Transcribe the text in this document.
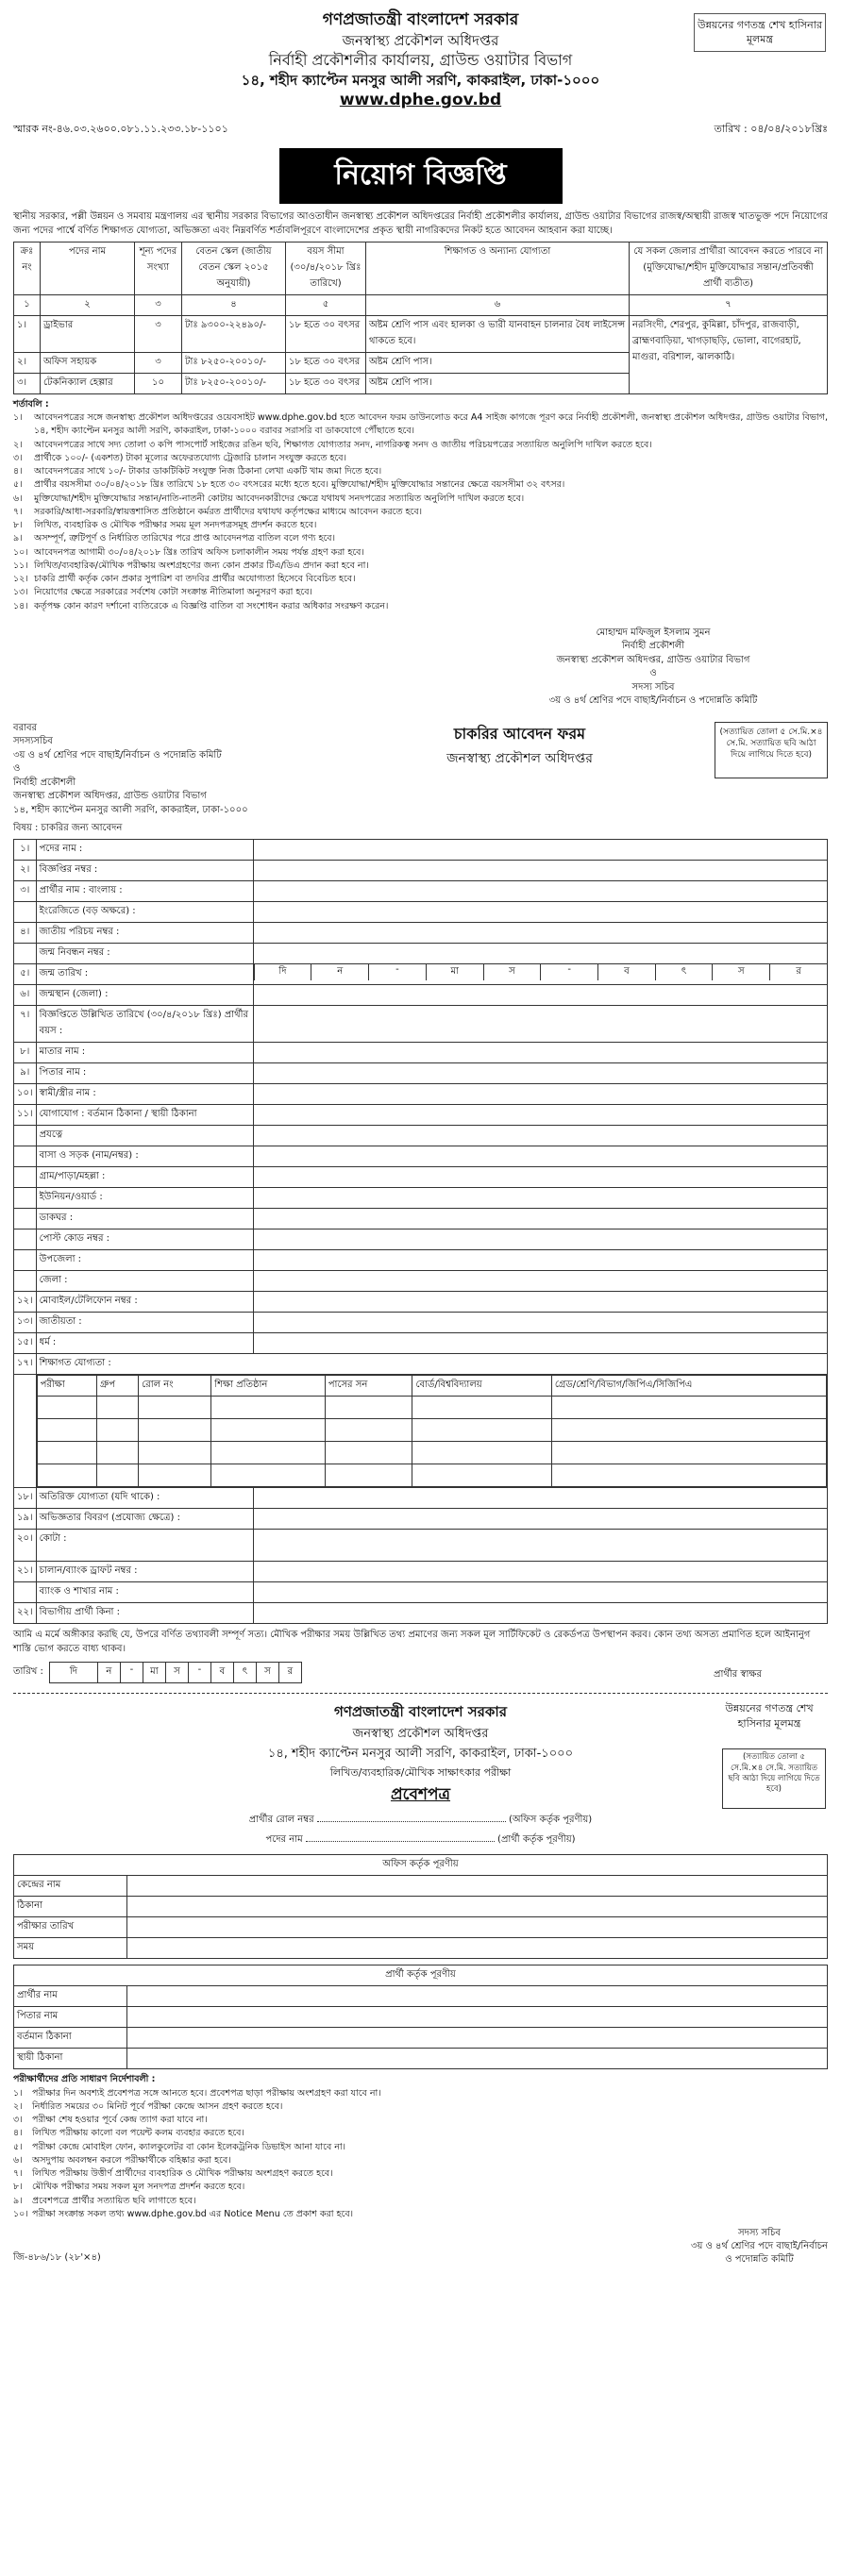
উন্নয়নের গণতন্ত্র শেখ হাসিনার মূলমন্ত্র
গণপ্রজাতন্ত্রী বাংলাদেশ সরকার
জনস্বাস্থ্য প্রকৌশল অধিদপ্তর
নির্বাহী প্রকৌশলীর কার্যালয়, গ্রাউন্ড ওয়াটার বিভাগ
১৪, শহীদ ক্যাপ্টেন মনসুর আলী সরণি, কাকরাইল, ঢাকা-১০০০
www.dphe.gov.bd
স্মারক নং-৪৬.০৩.২৬০০.০৮১.১১.২৩৩.১৮-১১০১	তারিখ : ০৪/০৪/২০১৮খ্রিঃ
নিয়োগ বিজ্ঞপ্তি
স্থানীয় সরকার, পল্লী উন্নয়ন ও সমবায় মন্ত্রণালয় এর স্থানীয় সরকার বিভাগের আওতাধীন জনস্বাস্থ্য প্রকৌশল অধিদপ্তরের নির্বাহী প্রকৌশলীর কার্যালয়, গ্রাউন্ড ওয়াটার বিভাগের রাজস্ব/অস্থায়ী রাজস্ব খাতভুক্ত পদে নিয়োগের জন্য পদের পার্শ্বে বর্ণিত শিক্ষাগত যোগ্যতা, অভিজ্ঞতা এবং নিম্নবর্ণিত শর্তাবলিপূরণে বাংলাদেশের প্রকৃত স্থায়ী নাগরিকদের নিকট হতে আবেদন আহবান করা যাচ্ছে।
ক্রঃ নং	পদের নাম	শূন্য পদের সংখ্যা	বেতন স্কেল (জাতীয় বেতন স্কেল ২০১৫ অনুযায়ী)	বয়স সীমা (৩০/৪/২০১৮ খ্রিঃ তারিখে)	শিক্ষাগত ও অন্যান্য যোগ্যতা	যে সকল জেলার প্রার্থীরা আবেদন করতে পারবে না (মুক্তিযোদ্ধা/শহীদ মুক্তিযোদ্ধার সন্তান/প্রতিবন্ধী প্রার্থী ব্যতীত)
১	২	৩	৪	৫	৬	৭
১।	ড্রাইভার	৩	টাঃ ৯৩০০-২২৪৯০/-	১৮ হতে ৩০ বৎসর	অষ্টম শ্রেণি পাস এবং হালকা ও ভারী যানবাহন চালনার বৈধ লাইসেন্স থাকতে হবে।	নরসিংদী, শেরপুর, কুমিল্লা, চাঁদপুর, রাজবাড়ী, ব্রাহ্মণবাড়িয়া, খাগড়াছড়ি, ভোলা, বাগেরহাট, মাগুরা, বরিশাল, ঝালকাঠি।
২।	অফিস সহায়ক	৩	টাঃ ৮২৫০-২০০১০/-	১৮ হতে ৩০ বৎসর	অষ্টম শ্রেণি পাস।	
৩।	টেকনিক্যাল হেল্পার	১০	টাঃ ৮২৫০-২০০১০/-	১৮ হতে ৩০ বৎসর	অষ্টম শ্রেণি পাস।	
শর্তাবলি :
১।	আবেদনপত্রের সঙ্গে জনস্বাস্থ্য প্রকৌশল অধিদপ্তরের ওয়েবসাইট www.dphe.gov.bd হতে আবেদন ফরম ডাউনলোড করে A4 সাইজ কাগজে পূরণ করে নির্বাহী প্রকৌশলী, জনস্বাস্থ্য প্রকৌশল অধিদপ্তর, গ্রাউন্ড ওয়াটার বিভাগ, ১৪, শহীদ ক্যাপ্টেন মনসুর আলী সরণি, কাকরাইল, ঢাকা-১০০০ বরাবর সরাসরি বা ডাকযোগে পৌঁছাতে হবে।
২।	আবেদনপত্রের সাথে সদ্য তোলা ৩ কপি পাসপোর্ট সাইজের রঙিন ছবি, শিক্ষাগত যোগ্যতার সনদ, নাগরিকত্ব সনদ ও জাতীয় পরিচয়পত্রের সত্যায়িত অনুলিপি দাখিল করতে হবে।
৩।	প্রার্থীকে ১০০/- (একশত) টাকা মূল্যের অফেরতযোগ্য ট্রেজারি চালান সংযুক্ত করতে হবে।
৪।	আবেদনপত্রের সাথে ১০/- টাকার ডাকটিকিট সংযুক্ত নিজ ঠিকানা লেখা একটি খাম জমা দিতে হবে।
৫।	প্রার্থীর বয়সসীমা ৩০/০৪/২০১৮ খ্রিঃ তারিখে ১৮ হতে ৩০ বৎসরের মধ্যে হতে হবে। মুক্তিযোদ্ধা/শহীদ মুক্তিযোদ্ধার সন্তানের ক্ষেত্রে বয়সসীমা ৩২ বৎসর।
৬।	মুক্তিযোদ্ধা/শহীদ মুক্তিযোদ্ধার সন্তান/নাতি-নাতনী কোটায় আবেদনকারীদের ক্ষেত্রে যথাযথ সনদপত্রের সত্যায়িত অনুলিপি দাখিল করতে হবে।
৭।	সরকারি/আধা-সরকারি/স্বায়ত্তশাসিত প্রতিষ্ঠানে কর্মরত প্রার্থীদের যথাযথ কর্তৃপক্ষের মাধ্যমে আবেদন করতে হবে।
৮।	লিখিত, ব্যবহারিক ও মৌখিক পরীক্ষার সময় মূল সনদপত্রসমূহ প্রদর্শন করতে হবে।
৯।	অসম্পূর্ণ, ত্রুটিপূর্ণ ও নির্ধারিত তারিখের পরে প্রাপ্ত আবেদনপত্র বাতিল বলে গণ্য হবে।
১০। আবেদনপত্র আগামী ৩০/০৪/২০১৮ খ্রিঃ তারিখ অফিস চলাকালীন সময় পর্যন্ত গ্রহণ করা হবে।
১১। লিখিত/ব্যবহারিক/মৌখিক পরীক্ষায় অংশগ্রহণের জন্য কোন প্রকার টিএ/ডিএ প্রদান করা হবে না।
১২। চাকরি প্রার্থী কর্তৃক কোন প্রকার সুপারিশ বা তদবির প্রার্থীর অযোগ্যতা হিসেবে বিবেচিত হবে।
১৩। নিয়োগের ক্ষেত্রে সরকারের সর্বশেষ কোটা সংক্রান্ত নীতিমালা অনুসরণ করা হবে।
১৪। কর্তৃপক্ষ কোন কারণ দর্শানো ব্যতিরেকে এ বিজ্ঞপ্তি বাতিল বা সংশোধন করার অধিকার সংরক্ষণ করেন।
মোহাম্মদ মফিজুল ইসলাম সুমন
নির্বাহী প্রকৌশলী
জনস্বাস্থ্য প্রকৌশল অধিদপ্তর, গ্রাউন্ড ওয়াটার বিভাগ
ও
সদস্য সচিব
৩য় ও ৪র্থ শ্রেণির পদে বাছাই/নির্বাচন ও পদোন্নতি কমিটি
বরাবর
সদস্যসচিব
৩য় ও ৪র্থ শ্রেণির পদে বাছাই/নির্বাচন ও পদোন্নতি কমিটি
ও
নির্বাহী প্রকৌশলী
জনস্বাস্থ্য প্রকৌশল অধিদপ্তর, গ্রাউন্ড ওয়াটার বিভাগ
১৪, শহীদ ক্যাপ্টেন মনসুর আলী সরণি, কাকরাইল, ঢাকা-১০০০
চাকরির আবেদন ফরম
জনস্বাস্থ্য প্রকৌশল অধিদপ্তর
(সত্যায়িত তোলা ৫ সে.মি.×৪ সে.মি. সত্যায়িত ছবি আঠা দিয়ে লাগিয়ে দিতে হবে)
বিষয় : চাকরির জন্য আবেদন
১।	পদের নাম :	
২।	বিজ্ঞপ্তির নম্বর :	
৩।	প্রার্থীর নাম : বাংলায় :	
	ইংরেজিতে (বড় অক্ষরে) :	
৪।	জাতীয় পরিচয় নম্বর :	
	জন্ম নিবন্ধন নম্বর :	
৫।	জন্ম তারিখ :	দি	ন	-	মা	স	-	ব	ৎ	স	র

৬।	জন্মস্থান (জেলা) :	
৭।	বিজ্ঞপ্তিতে উল্লিখিত তারিখে (৩০/৪/২০১৮ খ্রিঃ) প্রার্থীর বয়স :	
৮।	মাতার নাম :	
৯।	পিতার নাম :	
১০।	স্বামী/স্ত্রীর নাম :	
১১।	যোগাযোগ : বর্তমান ঠিকানা / স্থায়ী ঠিকানা	
	প্রযত্নে	
	বাসা ও সড়ক (নাম/নম্বর) :	
	গ্রাম/পাড়া/মহল্লা :	
	ইউনিয়ন/ওয়ার্ড :	
	ডাকঘর :	
	পোস্ট কোড নম্বর :	
	উপজেলা :	
	জেলা :	
১২।	মোবাইল/টেলিফোন নম্বর :	
১৩।	জাতীয়তা :	
১৫।	ধর্ম :	
১৭।	শিক্ষাগত যোগ্যতা :

পরীক্ষা	গ্রুপ	রোল নং	শিক্ষা প্রতিষ্ঠান	পাসের সন	বোর্ড/বিশ্ববিদ্যালয়	গ্রেড/শ্রেণি/বিভাগ/জিপিএ/সিজিপিএ

১৮।	অতিরিক্ত যোগ্যতা (যদি থাকে) :	
১৯।	অভিজ্ঞতার বিবরণ (প্রযোজ্য ক্ষেত্রে) :	
২০।	কোটা :	
২১।	চালান/ব্যাংক ড্রাফট নম্বর :	
	ব্যাংক ও শাখার নাম :	
২২।	বিভাগীয় প্রার্থী কিনা :	
আমি এ মর্মে অঙ্গীকার করছি যে, উপরে বর্ণিত তথ্যাবলী সম্পূর্ণ সত্য। মৌখিক পরীক্ষার সময় উল্লিখিত তথ্য প্রমাণের জন্য সকল মূল সার্টিফিকেট ও রেকর্ডপত্র উপস্থাপন করব। কোন তথ্য অসত্য প্রমাণিত হলে আইনানুগ শাস্তি ভোগ করতে বাধ্য থাকব।
তারিখ :	দি	ন	-	মা	স	-	ব	ৎ	স	র	প্রার্থীর স্বাক্ষর
উন্নয়নের গণতন্ত্র শেখ হাসিনার মূলমন্ত্র
(সত্যায়িত তোলা ৫ সে.মি.×৪ সে.মি. সত্যায়িত ছবি আঠা দিয়ে লাগিয়ে দিতে হবে)
গণপ্রজাতন্ত্রী বাংলাদেশ সরকার
জনস্বাস্থ্য প্রকৌশল অধিদপ্তর
১৪, শহীদ ক্যাপ্টেন মনসুর আলী সরণি, কাকরাইল, ঢাকা-১০০০
লিখিত/ব্যবহারিক/মৌখিক সাক্ষাৎকার পরীক্ষা
প্রবেশপত্র
প্রার্থীর রোল নম্বর	(অফিস কর্তৃক পূরণীয়)
পদের নাম	(প্রার্থী কর্তৃক পূরণীয়)
অফিস কর্তৃক পূরণীয়	
কেন্দ্রের নাম	
ঠিকানা	
পরীক্ষার তারিখ	
সময়	
প্রার্থী কর্তৃক পূরণীয়	
প্রার্থীর নাম	
পিতার নাম	
বর্তমান ঠিকানা	
স্থায়ী ঠিকানা	
পরীক্ষার্থীদের প্রতি সাধারণ নির্দেশাবলী :
১।	পরীক্ষার দিন অবশ্যই প্রবেশপত্র সঙ্গে আনতে হবে। প্রবেশপত্র ছাড়া পরীক্ষায় অংশগ্রহণ করা যাবে না।
২।	নির্ধারিত সময়ের ৩০ মিনিট পূর্বে পরীক্ষা কেন্দ্রে আসন গ্রহণ করতে হবে।
৩।	পরীক্ষা শেষ হওয়ার পূর্বে কেন্দ্র ত্যাগ করা যাবে না।
৪।	লিখিত পরীক্ষায় কালো বল পয়েন্ট কলম ব্যবহার করতে হবে।
৫।	পরীক্ষা কেন্দ্রে মোবাইল ফোন, ক্যালকুলেটর বা কোন ইলেকট্রনিক ডিভাইস আনা যাবে না।
৬।	অসদুপায় অবলম্বন করলে পরীক্ষার্থীকে বহিষ্কার করা হবে।
৭।	লিখিত পরীক্ষায় উত্তীর্ণ প্রার্থীদের ব্যবহারিক ও মৌখিক পরীক্ষায় অংশগ্রহণ করতে হবে।
৮।	মৌখিক পরীক্ষার সময় সকল মূল সনদপত্র প্রদর্শন করতে হবে।
৯।	প্রবেশপত্রে প্রার্থীর সত্যায়িত ছবি লাগাতে হবে।
১০। পরীক্ষা সংক্রান্ত সকল তথ্য www.dphe.gov.bd এর Notice Menu তে প্রকাশ করা হবে।
জি-৪৮৬/১৮ (২৮'×৪)
সদস্য সচিব
৩য় ও ৪র্থ শ্রেণির পদে বাছাই/নির্বাচন
ও পদোন্নতি কমিটি
